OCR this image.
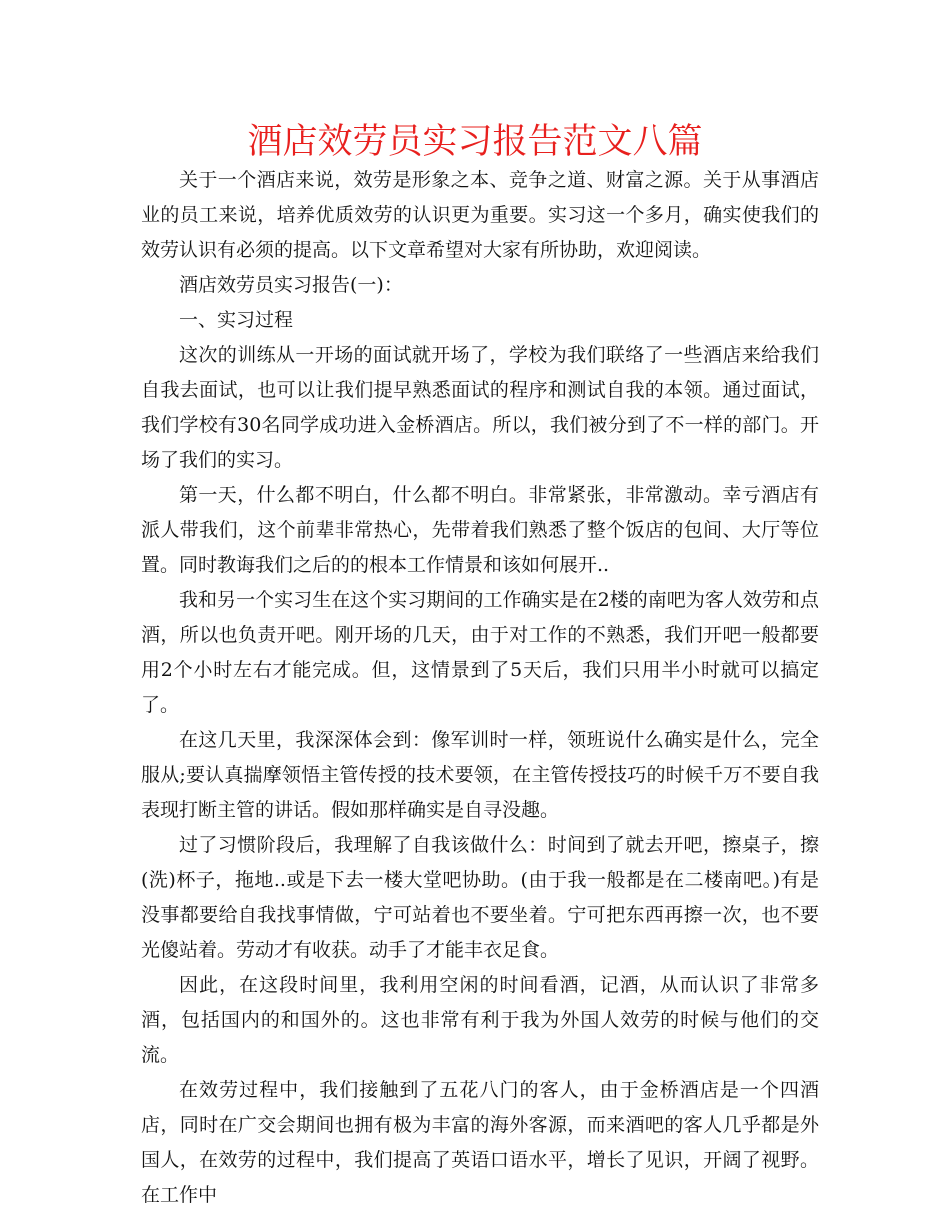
酒店效劳员实习报告范文八篇

关于一个酒店来说，效劳是形象之本、竞争之道、财富之源。关于从事酒店业的员工来说，培养优质效劳的认识更为重要。实习这一个多月，确实使我们的效劳认识有必须的提高。以下文章希望对大家有所协助，欢迎阅读。

酒店效劳员实习报告(一)：

一、实习过程

这次的训练从一开场的面试就开场了，学校为我们联络了一些酒店来给我们自我去面试，也可以让我们提早熟悉面试的程序和测试自我的本领。通过面试，我们学校有30名同学成功进入金桥酒店。所以，我们被分到了不一样的部门。开场了我们的实习。

第一天，什么都不明白，什么都不明白。非常紧张，非常激动。幸亏酒店有派人带我们，这个前辈非常热心，先带着我们熟悉了整个饭店的包间、大厅等位置。同时教诲我们之后的的根本工作情景和该如何展开..

我和另一个实习生在这个实习期间的工作确实是在2楼的南吧为客人效劳和点酒，所以也负责开吧。刚开场的几天，由于对工作的不熟悉，我们开吧一般都要用2个小时左右才能完成。但，这情景到了5天后，我们只用半小时就可以搞定了。

在这几天里，我深深体会到：像军训时一样，领班说什么确实是什么，完全服从;要认真揣摩领悟主管传授的技术要领，在主管传授技巧的时候千万不要自我表现打断主管的讲话。假如那样确实是自寻没趣。

过了习惯阶段后，我理解了自我该做什么：时间到了就去开吧，擦桌子，擦(洗)杯子，拖地..或是下去一楼大堂吧协助。(由于我一般都是在二楼南吧。)有是没事都要给自我找事情做，宁可站着也不要坐着。宁可把东西再擦一次，也不要光傻站着。劳动才有收获。动手了才能丰衣足食。

因此，在这段时间里，我利用空闲的时间看酒，记酒，从而认识了非常多酒，包括国内的和国外的。这也非常有利于我为外国人效劳的时候与他们的交流。

在效劳过程中，我们接触到了五花八门的客人，由于金桥酒店是一个四酒店，同时在广交会期间也拥有极为丰富的海外客源，而来酒吧的客人几乎都是外国人，在效劳的过程中，我们提高了英语口语水平，增长了见识，开阔了视野。在工作中
